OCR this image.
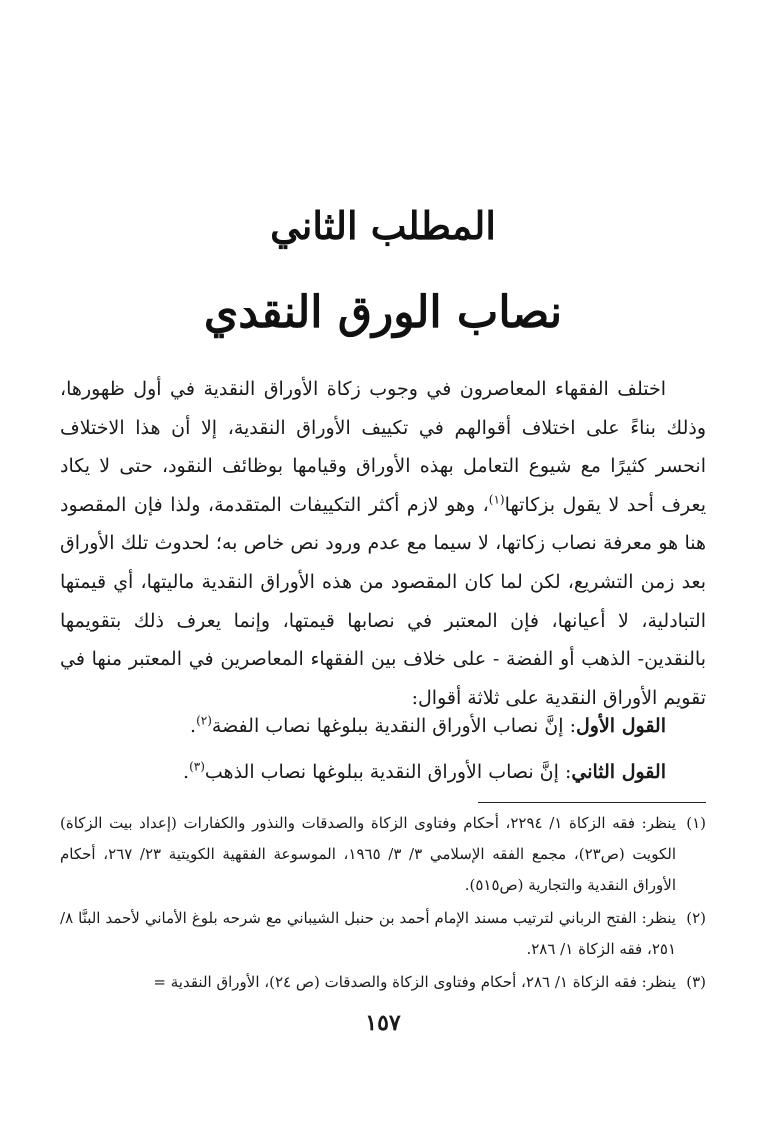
المطلب الثاني
نصاب الورق النقدي

اختلف الفقهاء المعاصرون في وجوب زكاة الأوراق النقدية في أول ظهورها، وذلك بناءً على اختلاف أقوالهم في تكييف الأوراق النقدية، إلا أن هذا الاختلاف انحسر كثيرًا مع شيوع التعامل بهذه الأوراق وقيامها بوظائف النقود، حتى لا يكاد يعرف أحد لا يقول بزكاتها$^{(١)}$، وهو لازم أكثر التكييفات المتقدمة، ولذا فإن المقصود هنا هو معرفة نصاب زكاتها، لا سيما مع عدم ورود نص خاص به؛ لحدوث تلك الأوراق بعد زمن التشريع، لكن لما كان المقصود من هذه الأوراق النقدية ماليتها، أي قيمتها التبادلية، لا أعيانها، فإن المعتبر في نصابها قيمتها، وإنما يعرف ذلك بتقويمها بالنقدين- الذهب أو الفضة - على خلاف بين الفقهاء المعاصرين في المعتبر منها في تقويم الأوراق النقدية على ثلاثة أقوال:

القول الأول: إنَّ نصاب الأوراق النقدية ببلوغها نصاب الفضة$^{(٢)}$.
القول الثاني: إنَّ نصاب الأوراق النقدية ببلوغها نصاب الذهب$^{(٣)}$.
(١)
ينظر: فقه الزكاة ١/ ٢٢٩٤، أحكام وفتاوى الزكاة والصدقات والنذور والكفارات (إعداد بيت الزكاة) الكويت (ص٢٣)، مجمع الفقه الإسلامي ٣/ ٣/ ١٩٦٥، الموسوعة الفقهية الكويتية ٢٣/ ٢٦٧، أحكام الأوراق النقدية والتجارية (ص٥١٥).
(٢)
ينظر: الفتح الرباني لترتيب مسند الإمام أحمد بن حنبل الشيباني مع شرحه بلوغ الأماني لأحمد البنَّا ٨/ ٢٥١، فقه الزكاة ١/ ٢٨٦.
(٣)
ينظر: فقه الزكاة ١/ ٢٨٦، أحكام وفتاوى الزكاة والصدقات (ص ٢٤)، الأوراق النقدية =
١٥٧
